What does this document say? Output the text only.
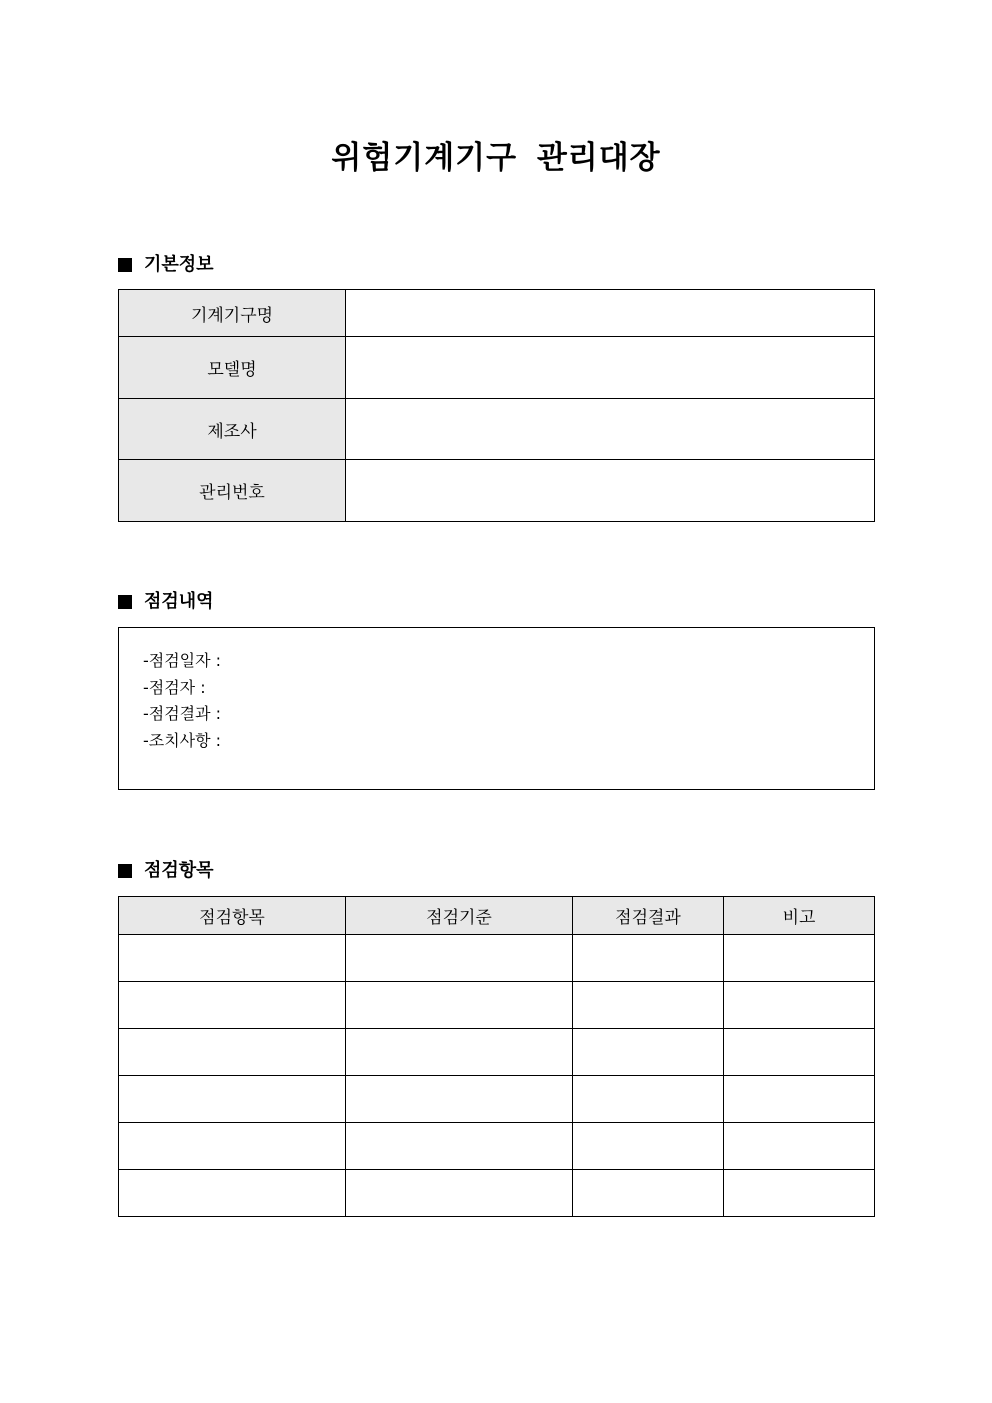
위험기계기구 관리대장
기본정보
기계기구명	
모델명	
제조사	
관리번호	
점검내역
-점검일자 :
-점검자 :
-점검결과 :
-조치사항 :
점검항목
점검항목	점검기준	점검결과	비고
